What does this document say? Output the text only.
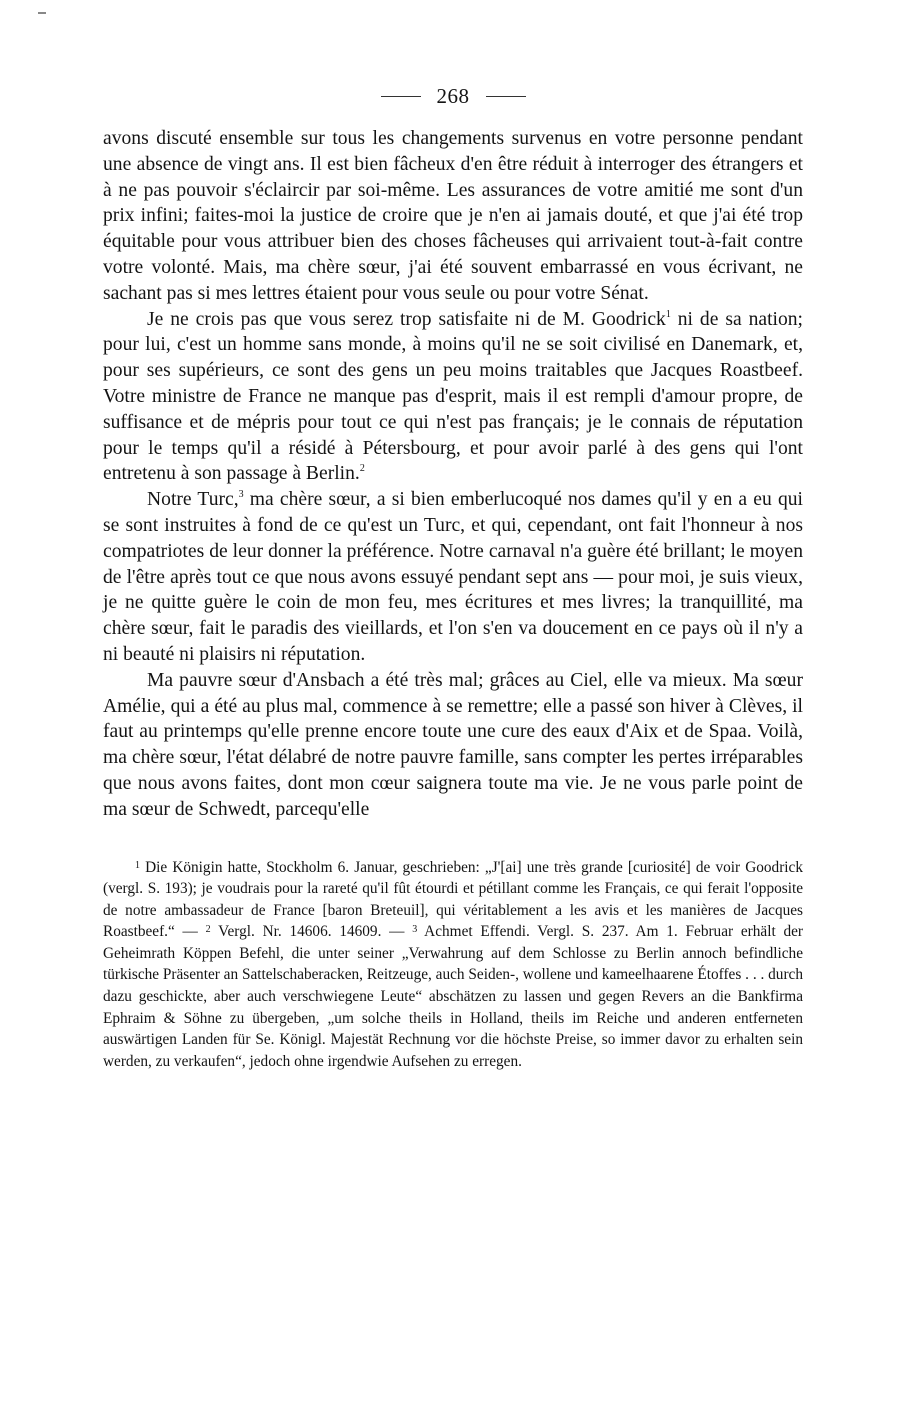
268

avons discuté ensemble sur tous les changements survenus en votre personne pendant une absence de vingt ans. Il est bien fâcheux d'en être réduit à interroger des étrangers et à ne pas pouvoir s'éclaircir par soi-même. Les assurances de votre amitié me sont d'un prix infini; faites-moi la justice de croire que je n'en ai jamais douté, et que j'ai été trop équitable pour vous attribuer bien des choses fâcheuses qui arrivaient tout-à-fait contre votre volonté. Mais, ma chère sœur, j'ai été souvent embarrassé en vous écrivant, ne sachant pas si mes lettres étaient pour vous seule ou pour votre Sénat.

Je ne crois pas que vous serez trop satisfaite ni de M. Goodrick$^1$ ni de sa nation; pour lui, c'est un homme sans monde, à moins qu'il ne se soit civilisé en Danemark, et, pour ses supérieurs, ce sont des gens un peu moins traitables que Jacques Roastbeef. Votre ministre de France ne manque pas d'esprit, mais il est rempli d'amour propre, de suffisance et de mépris pour tout ce qui n'est pas français; je le connais de réputation pour le temps qu'il a résidé à Pétersbourg, et pour avoir parlé à des gens qui l'ont entretenu à son passage à Berlin.$^2$

Notre Turc,$^3$ ma chère sœur, a si bien emberlucoqué nos dames qu'il y en a eu qui se sont instruites à fond de ce qu'est un Turc, et qui, cependant, ont fait l'honneur à nos compatriotes de leur donner la préférence. Notre carnaval n'a guère été brillant; le moyen de l'être après tout ce que nous avons essuyé pendant sept ans — pour moi, je suis vieux, je ne quitte guère le coin de mon feu, mes écritures et mes livres; la tranquillité, ma chère sœur, fait le paradis des vieillards, et l'on s'en va doucement en ce pays où il n'y a ni beauté ni plaisirs ni réputation.

Ma pauvre sœur d'Ansbach a été très mal; grâces au Ciel, elle va mieux. Ma sœur Amélie, qui a été au plus mal, commence à se remettre; elle a passé son hiver à Clèves, il faut au printemps qu'elle prenne encore toute une cure des eaux d'Aix et de Spaa. Voilà, ma chère sœur, l'état délabré de notre pauvre famille, sans compter les pertes irréparables que nous avons faites, dont mon cœur saignera toute ma vie. Je ne vous parle point de ma sœur de Schwedt, parcequ'elle

$^1$ Die Königin hatte, Stockholm 6. Januar, geschrieben: „J'[ai] une très grande [curiosité] de voir Goodrick (vergl. S. 193); je voudrais pour la rareté qu'il fût étourdi et pétillant comme les Français, ce qui ferait l'opposite de notre ambassadeur de France [baron Breteuil], qui véritablement a les avis et les manières de Jacques Roastbeef.“ — $^2$ Vergl. Nr. 14606. 14609. — $^3$ Achmet Effendi. Vergl. S. 237. Am 1. Februar erhält der Geheimrath Köppen Befehl, die unter seiner „Verwahrung auf dem Schlosse zu Berlin annoch befindliche türkische Präsenter an Sattelschaberacken, Reitzeuge, auch Seiden-, wollene und kameelhaarene Étoffes . . . durch dazu geschickte, aber auch verschwiegene Leute“ abschätzen zu lassen und gegen Revers an die Bankfirma Ephraim & Söhne zu übergeben, „um solche theils in Holland, theils im Reiche und anderen entferneten auswärtigen Landen für Se. Königl. Majestät Rechnung vor die höchste Preise, so immer davor zu erhalten sein werden, zu verkaufen“, jedoch ohne irgendwie Aufsehen zu erregen.
